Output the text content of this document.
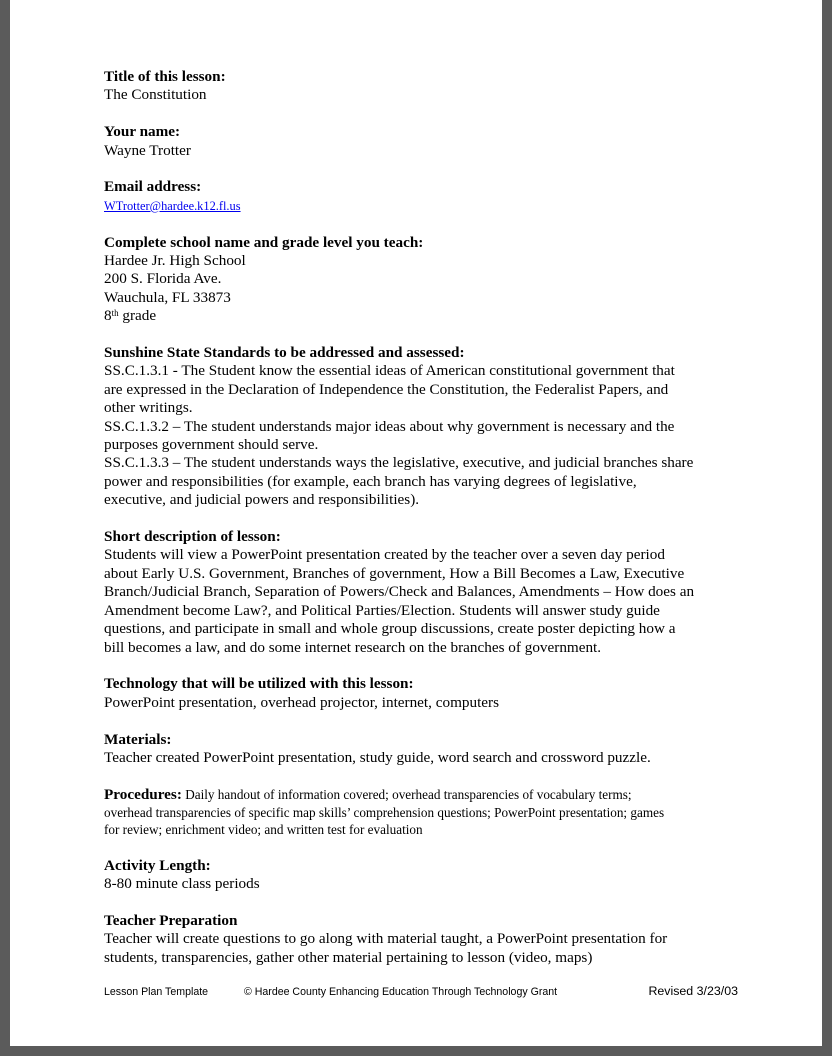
Title of this lesson:
The Constitution
Your name:
Wayne Trotter
Email address:
WTrotter@hardee.k12.fl.us
Complete school name and grade level you teach:
Hardee Jr. High School
200 S. Florida Ave.
Wauchula, FL 33873
8th grade
Sunshine State Standards to be addressed and assessed:
SS.C.1.3.1 - The Student know the essential ideas of American constitutional government that
are expressed in the Declaration of Independence the Constitution, the Federalist Papers, and
other writings.
SS.C.1.3.2 – The student understands major ideas about why government is necessary and the
purposes government should serve.
SS.C.1.3.3 – The student understands ways the legislative, executive, and judicial branches share
power and responsibilities (for example, each branch has varying degrees of legislative,
executive, and judicial powers and responsibilities).
Short description of lesson:
Students will view a PowerPoint presentation created by the teacher over a seven day period
about Early U.S. Government, Branches of government, How a Bill Becomes a Law, Executive
Branch/Judicial Branch, Separation of Powers/Check and Balances, Amendments – How does an
Amendment become Law?, and Political Parties/Election. Students will answer study guide
questions, and participate in small and whole group discussions, create poster depicting how a
bill becomes a law, and do some internet research on the branches of government.
Technology that will be utilized with this lesson:
PowerPoint presentation, overhead projector, internet, computers
Materials:
Teacher created PowerPoint presentation, study guide, word search and crossword puzzle.
Procedures: Daily handout of information covered; overhead transparencies of vocabulary terms;
overhead transparencies of specific map skills’ comprehension questions; PowerPoint presentation; games
for review; enrichment video; and written test for evaluation
Activity Length:
8-80 minute class periods
Teacher Preparation
Teacher will create questions to go along with material taught, a PowerPoint presentation for
students, transparencies, gather other material pertaining to lesson (video, maps)
Lesson Plan Template	© Hardee County Enhancing Education Through Technology Grant	Revised 3/23/03
